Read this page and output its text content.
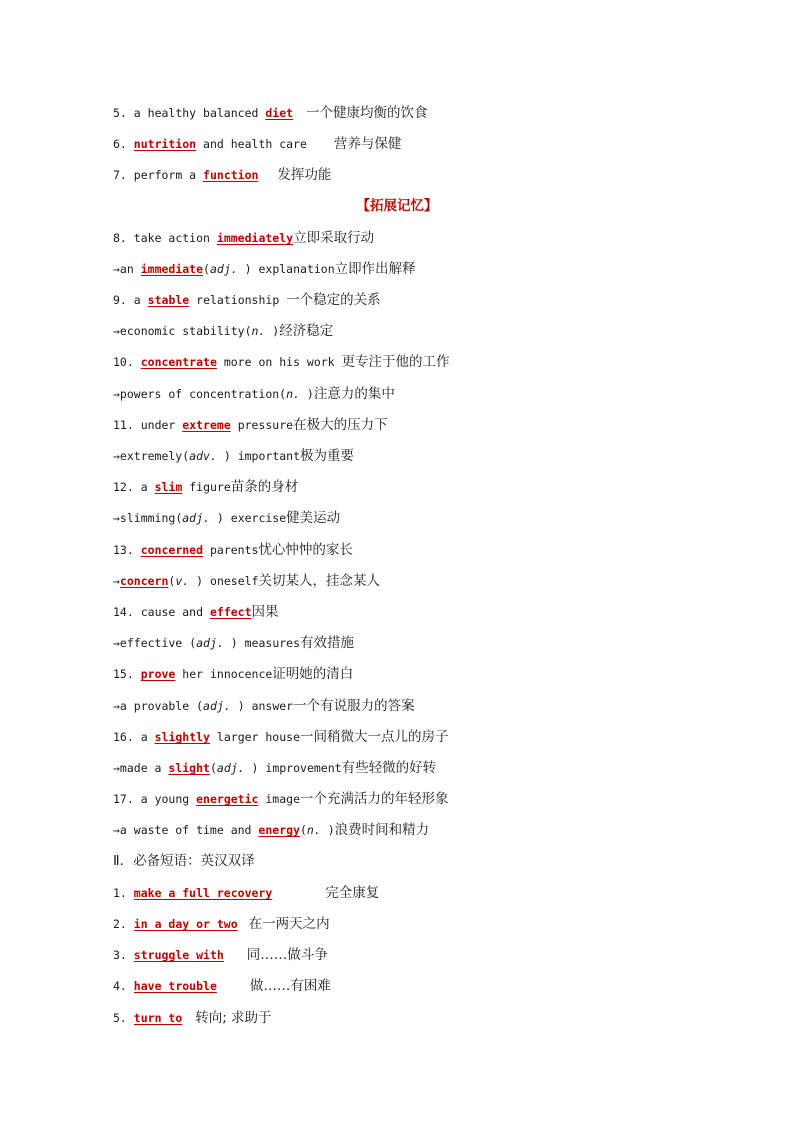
5. a healthy balanced diet 一个健康均衡的饮食
6. nutrition and health care 营养与保健
7. perform a function 发挥功能
【拓展记忆】
8. take action immediately立即采取行动
→an immediate(adj. ) explanation立即作出解释
9. a stable relationship 一个稳定的关系
→economic stability(n. )经济稳定
10. concentrate more on his work 更专注于他的工作
→powers of concentration(n. )注意力的集中
11. under extreme pressure在极大的压力下
→extremely(adv. ) important极为重要
12. a slim figure苗条的身材
→slimming(adj. ) exercise健美运动
13. concerned parents忧心忡忡的家长
→concern(v. ) oneself关切某人，挂念某人
14. cause and effect因果
→effective (adj. ) measures有效措施
15. prove her innocence证明她的清白
→a provable (adj. ) answer一个有说服力的答案
16. a slightly larger house一间稍微大一点儿的房子
→made a slight(adj. ) improvement有些轻微的好转
17. a young energetic image一个充满活力的年轻形象
→a waste of time and energy(n. )浪费时间和精力
Ⅱ．必备短语：英汉双译
1. make a full recovery	完全康复
2. in a day or two 在一两天之内
3. struggle with 同……做斗争
4. have trouble 做……有困难
5. turn to 转向; 求助于
